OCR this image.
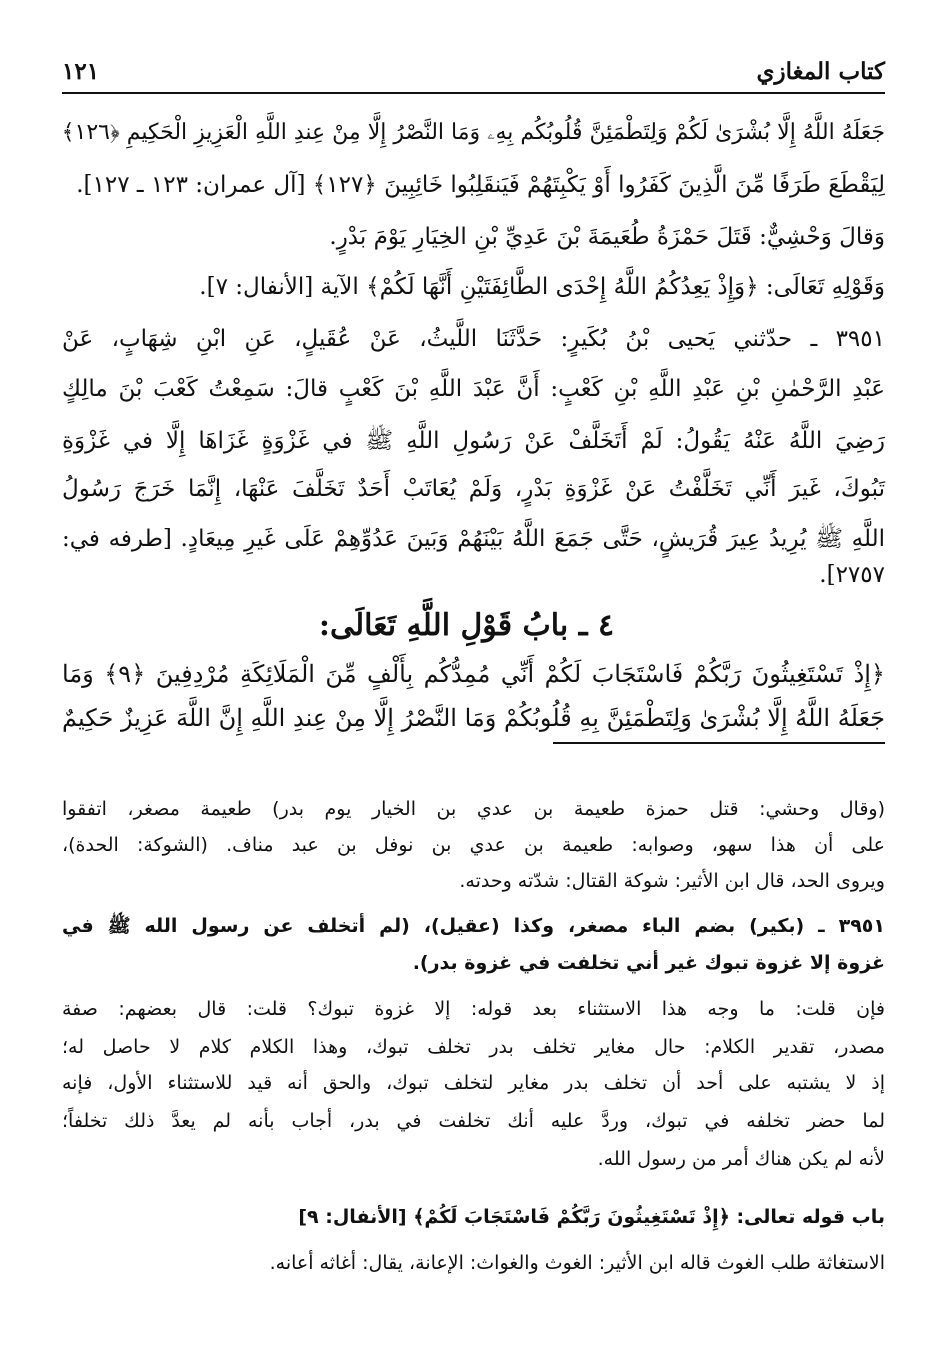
كتاب المغازي
١٢١
جَعَلَهُ اللَّهُ إِلَّا بُشْرَىٰ لَكُمْ وَلِتَطْمَئِنَّ قُلُوبُكُم بِهِۦ وَمَا النَّصْرُ إِلَّا مِنْ عِندِ اللَّهِ الْعَزِيزِ الْحَكِيمِ ﴿١٢٦﴾
لِيَقْطَعَ طَرَفًا مِّنَ الَّذِينَ كَفَرُوا أَوْ يَكْبِتَهُمْ فَيَنقَلِبُوا خَائِبِينَ ﴿١٢٧﴾ [آل عمران: ١٢٣ ـ ١٢٧].
وَقالَ وَحْشِيٌّ: قَتَلَ حَمْزَةُ طُعَيمَةَ بْنَ عَدِيِّ بْنِ الخِيَارِ يَوْمَ بَدْرٍ.
وَقَوْلِهِ تَعَالَى: ﴿وَإِذْ يَعِدُكُمُ اللَّهُ إِحْدَى الطَّائِفَتَيْنِ أَنَّهَا لَكُمْ﴾ الآية [الأنفال: ٧].
٣٩٥١ ـ حدّثني يَحيى بْنُ بُكَيرٍ: حَدَّثَنَا اللَّيثُ، عَنْ عُقَيلٍ، عَنِ ابْنِ شِهَابٍ، عَنْ
عَبْدِ الرَّحْمٰنِ بْنِ عَبْدِ اللَّهِ بْنِ كَعْبٍ: أَنَّ عَبْدَ اللَّهِ بْنَ كَعْبٍ قالَ: سَمِعْتُ كَعْبَ بْنَ مالِكٍ
رَضِيَ اللَّهُ عَنْهُ يَقُولُ: لَمْ أَتَخَلَّفْ عَنْ رَسُولِ اللَّهِ ﷺ في غَزْوَةٍ غَزَاهَا إِلَّا في غَزْوَةِ
تَبُوكَ، غَيرَ أَنِّي تَخَلَّفْتُ عَنْ غَزْوَةِ بَدْرٍ، وَلَمْ يُعَاتَبْ أَحَدٌ تَخَلَّفَ عَنْهَا، إِنَّمَا خَرَجَ رَسُولُ
اللَّهِ ﷺ يُرِيدُ عِيرَ قُرَيشٍ، حَتَّى جَمَعَ اللَّهُ بَيْنَهُمْ وَبَينَ عَدُوِّهِمْ عَلَى غَيرِ مِيعَادٍ. [طرفه في:
٢٧٥٧].
٤ ـ بابُ قَوْلِ اللَّهِ تَعَالَى:
﴿إِذْ تَسْتَغِيثُونَ رَبَّكُمْ فَاسْتَجَابَ لَكُمْ أَنِّي مُمِدُّكُم بِأَلْفٍ مِّنَ الْمَلَائِكَةِ مُرْدِفِينَ ﴿٩﴾ وَمَا
جَعَلَهُ اللَّهُ إِلَّا بُشْرَىٰ وَلِتَطْمَئِنَّ بِهِ قُلُوبُكُمْ وَمَا النَّصْرُ إِلَّا مِنْ عِندِ اللَّهِ إِنَّ اللَّهَ عَزِيزٌ حَكِيمٌ
(وقال وحشي: قتل حمزة طعيمة بن عدي بن الخيار يوم بدر) طعيمة مصغر، اتفقوا
على أن هذا سهو، وصوابه: طعيمة بن عدي بن نوفل بن عبد مناف. (الشوكة: الحدة)،
ويروى الحد، قال ابن الأثير: شوكة القتال: شدّته وحدته.
٣٩٥١ ـ (بكير) بضم الباء مصغر، وكذا (عقيل)، (لم أتخلف عن رسول الله ﷺ في
غزوة إلا غزوة تبوك غير أني تخلفت في غزوة بدر).
فإن قلت: ما وجه هذا الاستثناء بعد قوله: إلا غزوة تبوك؟ قلت: قال بعضهم: صفة
مصدر، تقدير الكلام: حال مغاير تخلف بدر تخلف تبوك، وهذا الكلام كلام لا حاصل له؛
إذ لا يشتبه على أحد أن تخلف بدر مغاير لتخلف تبوك، والحق أنه قيد للاستثناء الأول، فإنه
لما حضر تخلفه في تبوك، وردَّ عليه أنك تخلفت في بدر، أجاب بأنه لم يعدَّ ذلك تخلفاً؛
لأنه لم يكن هناك أمر من رسول الله.
باب قوله تعالى: ﴿إِذْ تَسْتَغِيثُونَ رَبَّكُمْ فَاسْتَجَابَ لَكُمْ﴾ [الأنفال: ٩]
الاستغاثة طلب الغوث قاله ابن الأثير: الغوث والغواث: الإعانة، يقال: أغاثه أعانه.
